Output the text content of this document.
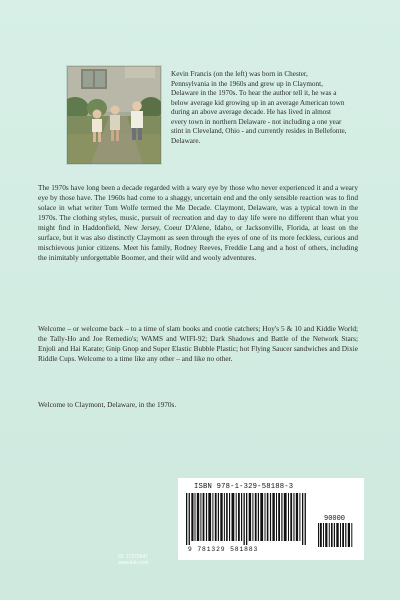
Kevin Francis (on the left) was born in Chester, Pennsylvania in the 1960s and grew up in Claymont, Delaware in the 1970s. To hear the author tell it, he was a below average kid growing up in an average American town during an above average decade. He has lived in almost every town in northern Delaware - not including a one year stint in Cleveland, Ohio - and currently resides in Bellefonte, Delaware.

The 1970s have long been a decade regarded with a wary eye by those who never experienced it and a weary eye by those have. The 1960s had come to a shaggy, uncertain end and the only sensible reaction was to find solace in what writer Tom Wolfe termed the Me Decade. Claymont, Delaware, was a typical town in the 1970s. The clothing styles, music, pursuit of recreation and day to day life were no different than what you might find in Haddonfield, New Jersey, Coeur D'Alene, Idaho, or Jacksonville, Florida, at least on the surface, but it was also distinctly Claymont as seen through the eyes of one of its more feckless, curious and mischievous junior citizens. Meet his family, Rodney Reeves, Freddie Lang and a host of others, including the inimitably unforgettable Boomer, and their wild and wooly adventures.

Welcome – or welcome back – to a time of slam books and cootie catchers; Hoy's 5 & 10 and Kiddie World; the Tally-Ho and Joe Remedio's; WAMS and WIFI-92; Dark Shadows and Battle of the Network Stars; Enjoli and Hai Karate; Gnip Gnop and Super Elastic Bubble Plastic; hot Flying Saucer sandwiches and Dixie Riddle Cups. Welcome to a time like any other – and like no other.

Welcome to Claymont, Delaware, in the 1970s.

ID: 17370947
www.lulu.com
ISBN 978-1-329-58188-3
90000
9 781329 581883
